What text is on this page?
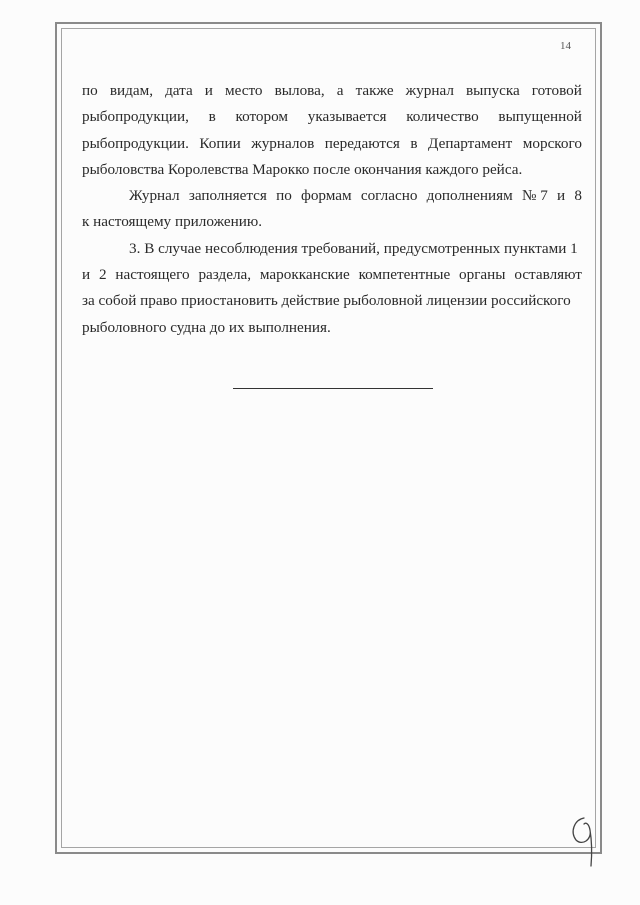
14
по видам, дата и место вылова, а также журнал выпуска готовой
рыбопродукции, в котором указывается количество выпущенной
рыбопродукции. Копии журналов передаются в Департамент морского
рыболовства Королевства Марокко после окончания каждого рейса.
Журнал заполняется по формам согласно дополнениям № 7 и 8
к настоящему приложению.
3. В случае несоблюдения требований, предусмотренных пунктами 1
и 2 настоящего раздела, марокканские компетентные органы оставляют
за собой право приостановить действие рыболовной лицензии российского
рыболовного судна до их выполнения.
